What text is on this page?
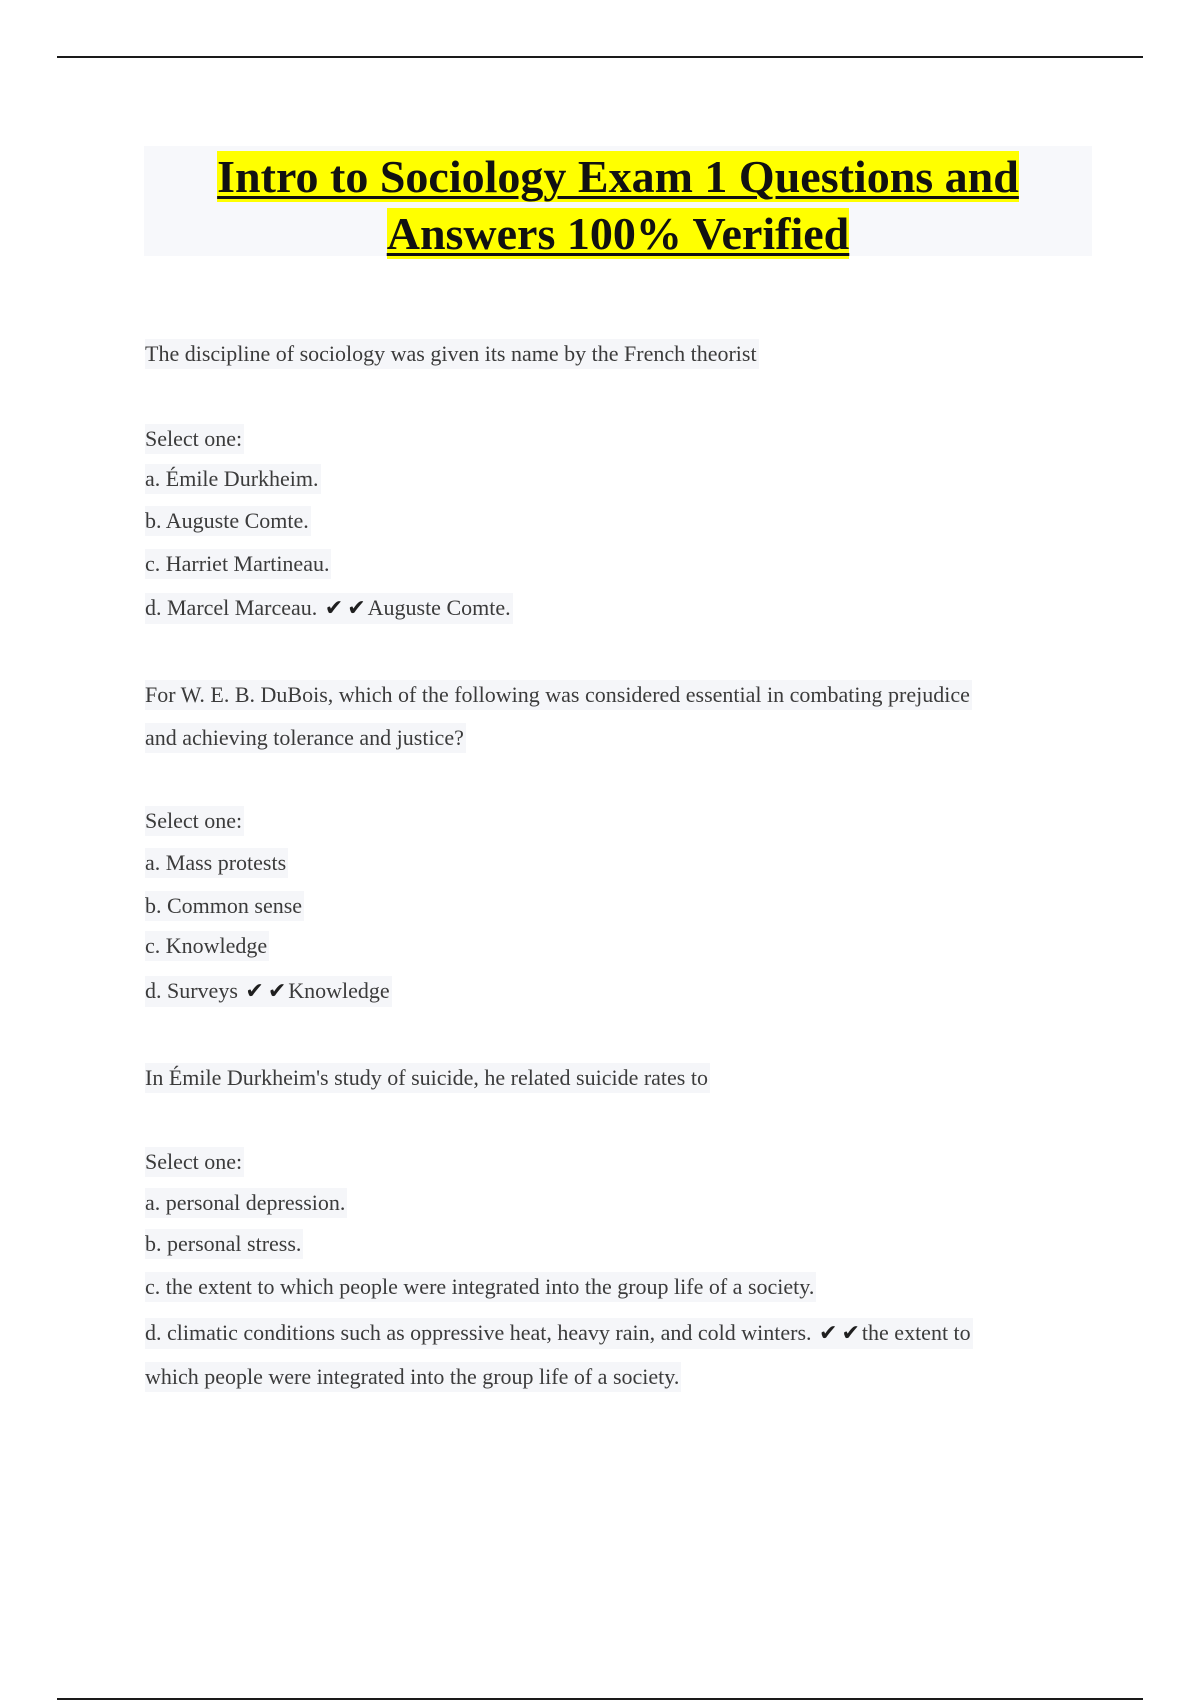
Intro to Sociology Exam 1 Questions and
Answers 100% Verified
The discipline of sociology was given its name by the French theorist
Select one:
a. Émile Durkheim.
b. Auguste Comte.
c. Harriet Martineau.
d. Marcel Marceau. ✔ ✔Auguste Comte.
For W. E. B. DuBois, which of the following was considered essential in combating prejudice
and achieving tolerance and justice?
Select one:
a. Mass protests
b. Common sense
c. Knowledge
d. Surveys ✔ ✔Knowledge
In Émile Durkheim's study of suicide, he related suicide rates to
Select one:
a. personal depression.
b. personal stress.
c. the extent to which people were integrated into the group life of a society.
d. climatic conditions such as oppressive heat, heavy rain, and cold winters. ✔ ✔the extent to
which people were integrated into the group life of a society.
